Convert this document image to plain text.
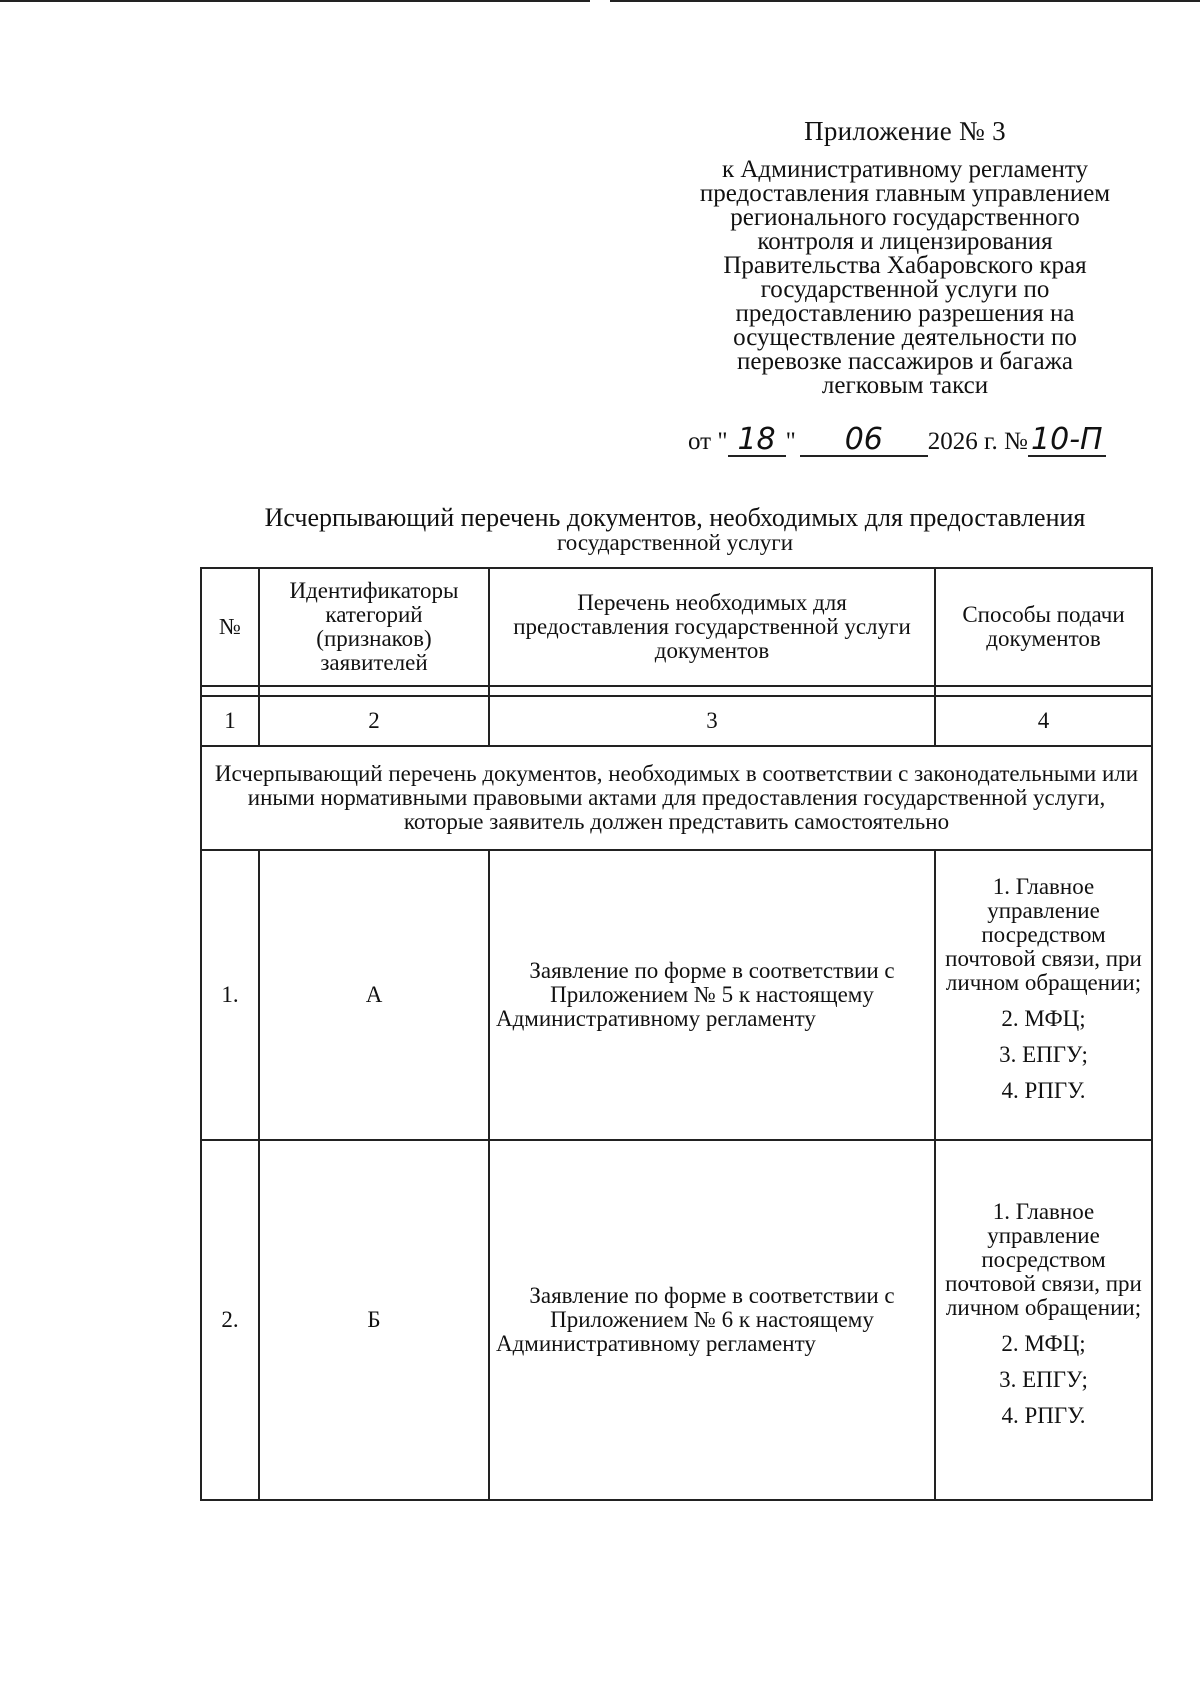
Приложение № 3
к Административному регламенту
предоставления главным управлением
регионального государственного
контроля и лицензирования
Правительства Хабаровского края
государственной услуги по
предоставлению разрешения на
осуществление деятельности по
перевозке пассажиров и багажа
легковым такси
от " 18 " 06 2026 г. № 10-П
Исчерпывающий перечень документов, необходимых для предоставления
государственной услуги
№	Идентификаторы категорий (признаков) заявителей	Перечень необходимых для предоставления государственной услуги документов	Способы подачи документов

1	2	3	4
Исчерпывающий перечень документов, необходимых в соответствии с законодательными или иными нормативными правовыми актами для предоставления государственной услуги, которые заявитель должен представить самостоятельно			
1.	А	Заявление по форме в соответствии с Приложением № 5 к настоящему Административному регламенту	1. Главное управление посредством почтовой связи, при личном обращении;
2. МФЦ;
3. ЕПГУ;
4. РПГУ.

2.	Б	Заявление по форме в соответствии с Приложением № 6 к настоящему Административному регламенту	1. Главное управление посредством почтовой связи, при личном обращении;
2. МФЦ;
3. ЕПГУ;
4. РПГУ.
